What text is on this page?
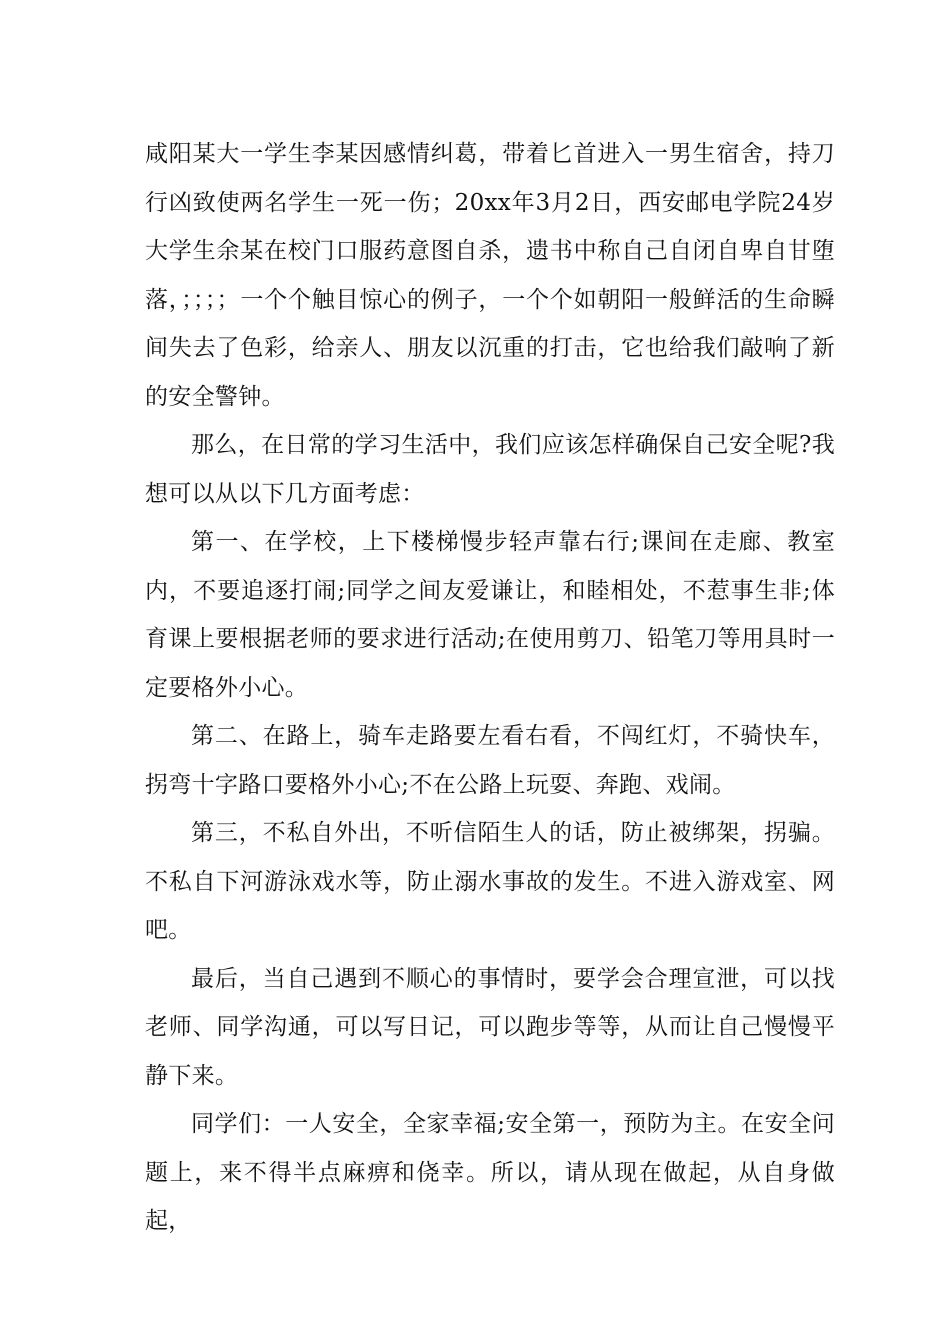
咸阳某大一学生李某因感情纠葛，带着匕首进入一男生宿舍，持刀行凶致使两名学生一死一伤；20xx年3月2日，西安邮电学院24岁大学生余某在校门口服药意图自杀，遗书中称自己自闭自卑自甘堕落，；；；；一个个触目惊心的例子，一个个如朝阳一般鲜活的生命瞬间失去了色彩，给亲人、朋友以沉重的打击，它也给我们敲响了新的安全警钟。

那么，在日常的学习生活中，我们应该怎样确保自己安全呢?我想可以从以下几方面考虑：

第一、在学校，上下楼梯慢步轻声靠右行;课间在走廊、教室内，不要追逐打闹;同学之间友爱谦让，和睦相处，不惹事生非;体育课上要根据老师的要求进行活动;在使用剪刀、铅笔刀等用具时一定要格外小心。

第二、在路上，骑车走路要左看右看，不闯红灯，不骑快车，拐弯十字路口要格外小心;不在公路上玩耍、奔跑、戏闹。

第三，不私自外出，不听信陌生人的话，防止被绑架，拐骗。不私自下河游泳戏水等，防止溺水事故的发生。不进入游戏室、网吧。

最后，当自己遇到不顺心的事情时，要学会合理宣泄，可以找老师、同学沟通，可以写日记，可以跑步等等，从而让自己慢慢平静下来。

同学们：一人安全，全家幸福;安全第一，预防为主。在安全问题上，来不得半点麻痹和侥幸。所以，请从现在做起，从自身做起，
